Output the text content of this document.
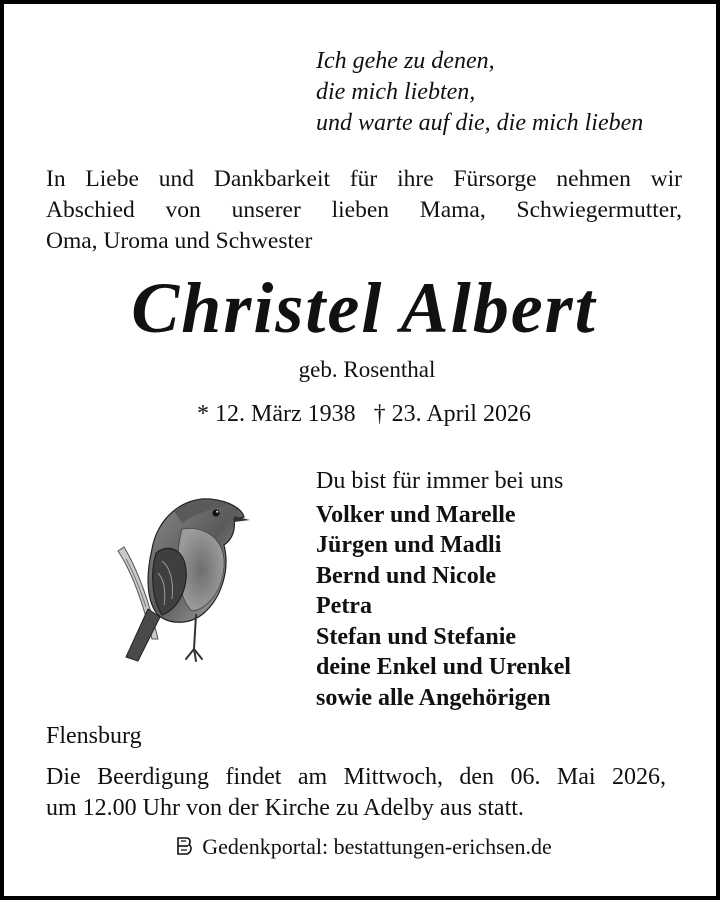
Ich gehe zu denen,
die mich liebten,
und warte auf die, die mich lieben
In Liebe und Dankbarkeit für ihre Fürsorge nehmen wir
Abschied von unserer lieben Mama, Schwiegermutter,
Oma, Uroma und Schwester
Christel Albert
geb. Rosenthal
* 12. März 1938 † 23. April 2026
Du bist für immer bei uns
Volker und Marelle
Jürgen und Madli
Bernd und Nicole
Petra
Stefan und Stefanie
deine Enkel und Urenkel
sowie alle Angehörigen
Flensburg
Die Beerdigung findet am Mittwoch, den 06. Mai 2026,
um 12.00 Uhr von der Kirche zu Adelby aus statt.
Gedenkportal: bestattungen-erichsen.de
